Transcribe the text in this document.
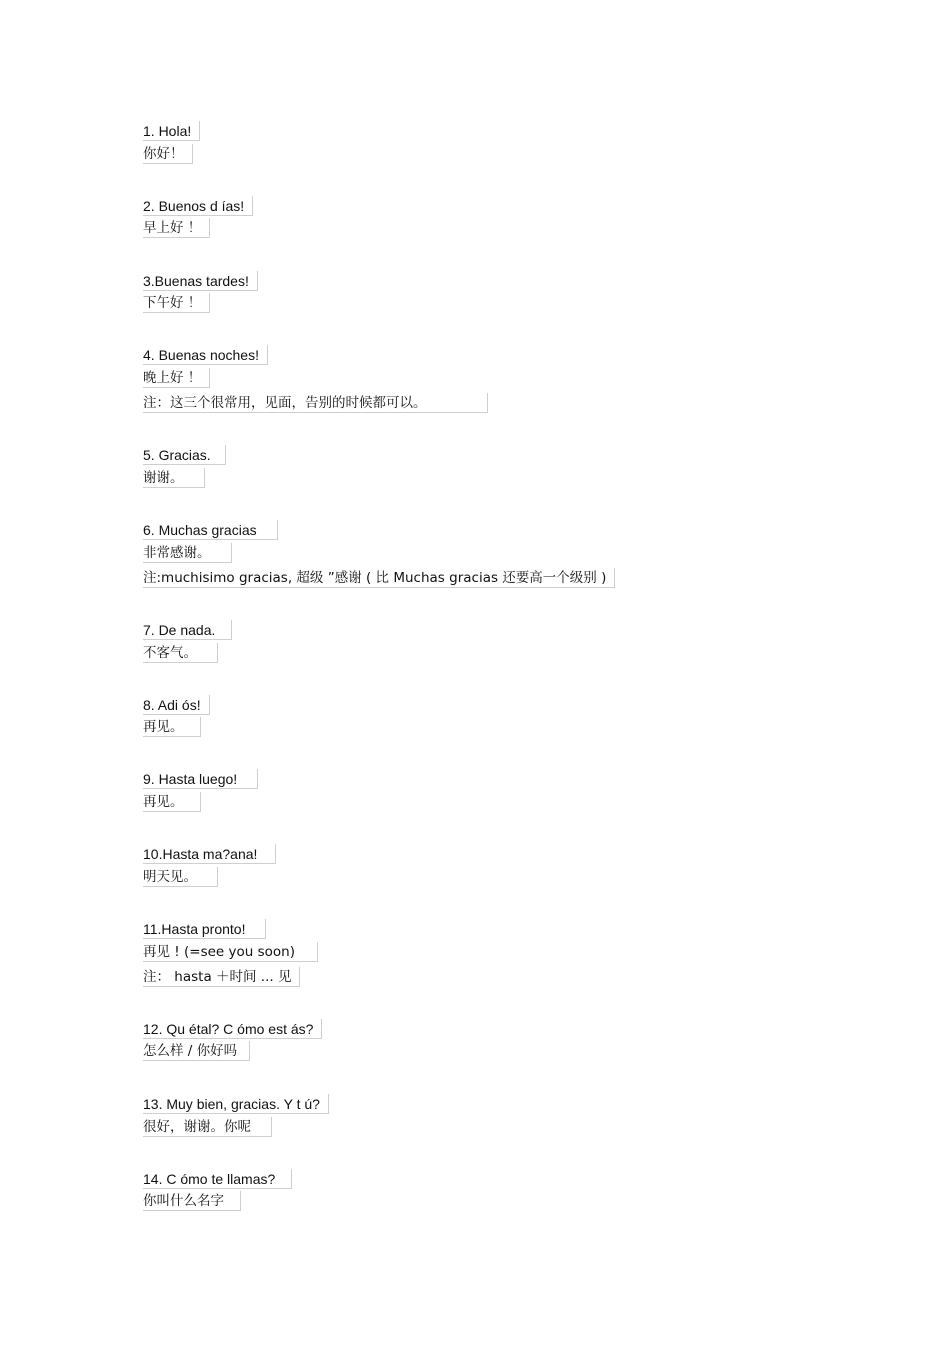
1. Hola!
你好！
2. Buenos d ías!
早上好 ！
3.Buenas tardes!
下午好 ！
4. Buenas noches!
晚上好 ！
注：这三个很常用，见面，告别的时候都可以。
5. Gracias.
谢谢。
6. Muchas gracias
非常感谢。
注:muchisimo gracias, 超级 ”感谢 ( 比 Muchas gracias 还要高一个级别 )
7. De nada.
不客气。
8. Adi ós!
再见。
9. Hasta luego!
再见。
10.Hasta ma?ana!
明天见。
11.Hasta pronto!
再见 ! (=see you soon)
注： hasta ＋时间 ... 见
12. Qu étal? C ómo est ás?
怎么样 / 你好吗
13. Muy bien, gracias. Y t ú?
很好，谢谢。你呢
14. C ómo te llamas?
你叫什么名字
